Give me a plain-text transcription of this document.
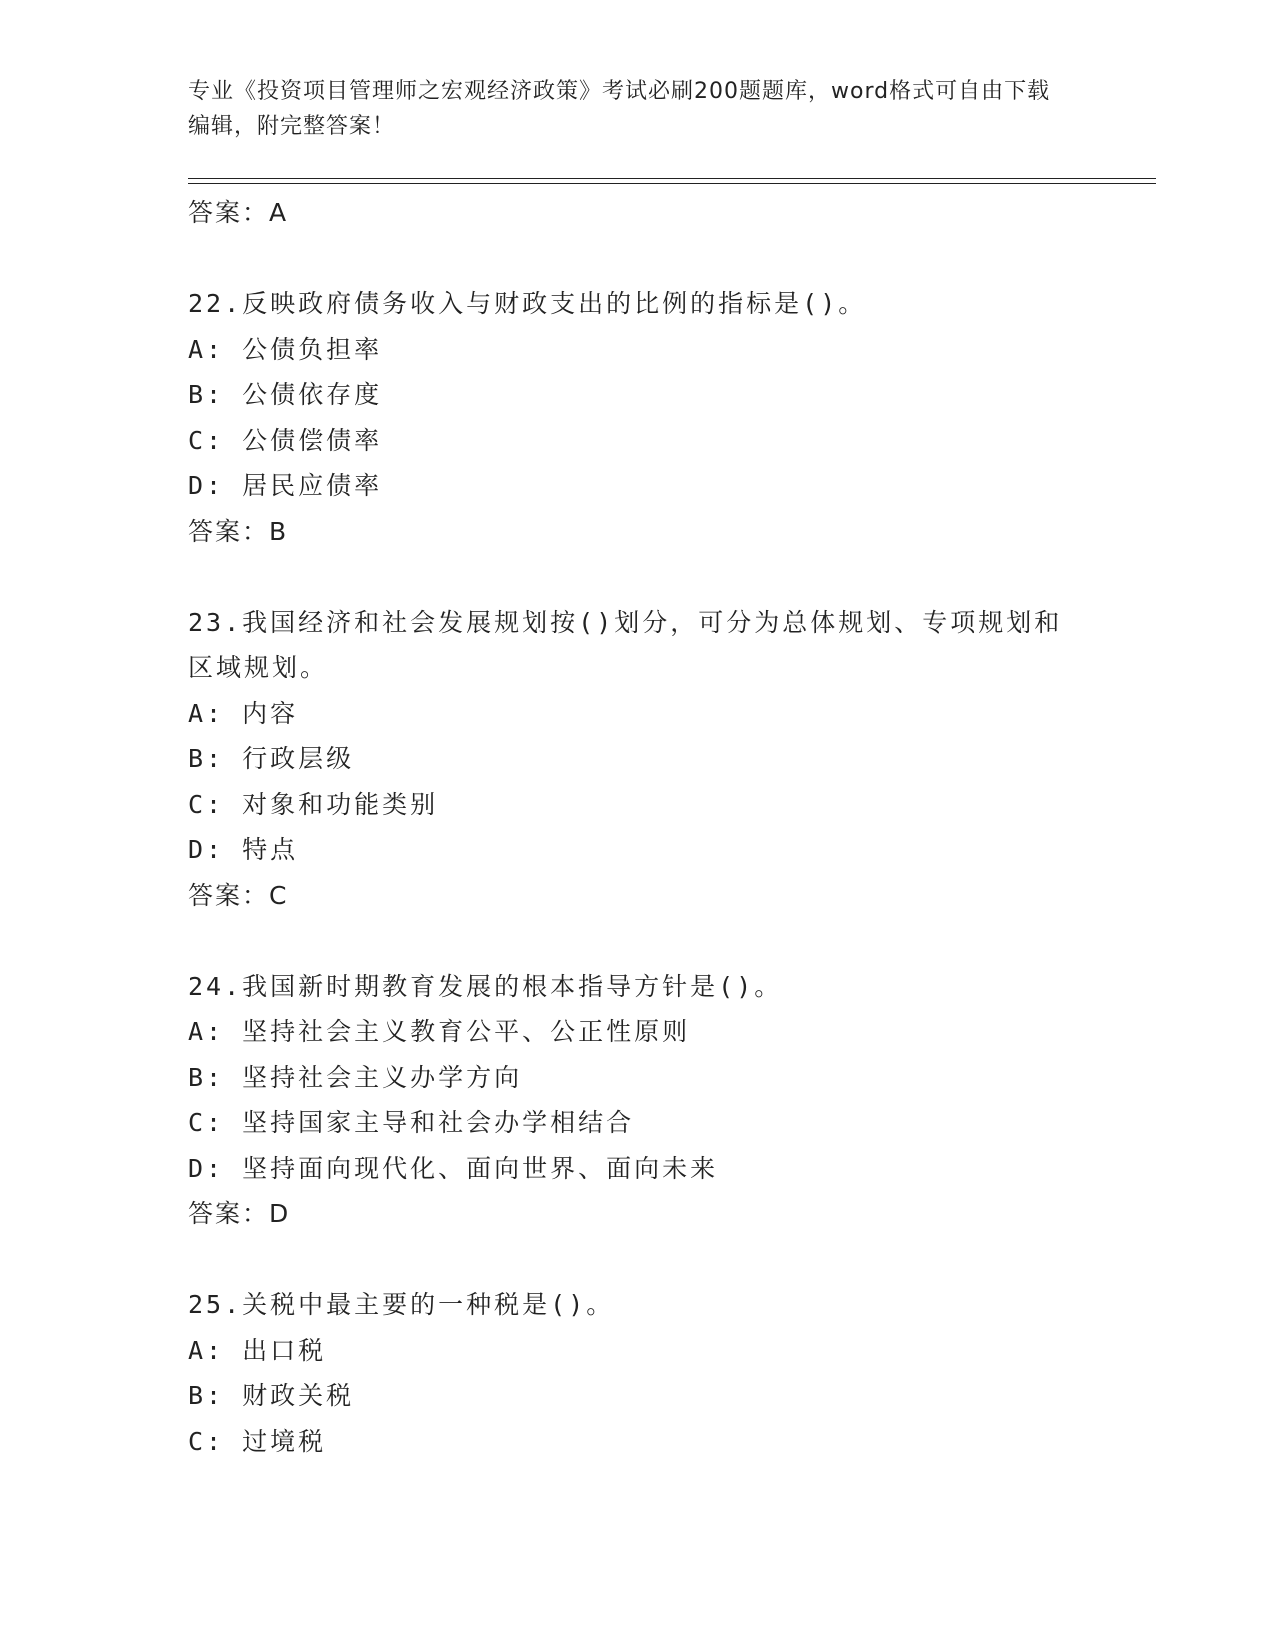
专业《投资项目管理师之宏观经济政策》考试必刷200题题库，word格式可自由下载编辑，附完整答案！
答案：A
22.反映政府债务收入与财政支出的比例的指标是()。
A: 公债负担率
B: 公债依存度
C: 公债偿债率
D: 居民应债率
答案：B
23.我国经济和社会发展规划按()划分，可分为总体规划、专项规划和区域规划。
A: 内容
B: 行政层级
C: 对象和功能类别
D: 特点
答案：C
24.我国新时期教育发展的根本指导方针是()。
A: 坚持社会主义教育公平、公正性原则
B: 坚持社会主义办学方向
C: 坚持国家主导和社会办学相结合
D: 坚持面向现代化、面向世界、面向未来
答案：D
25.关税中最主要的一种税是()。
A: 出口税
B: 财政关税
C: 过境税
